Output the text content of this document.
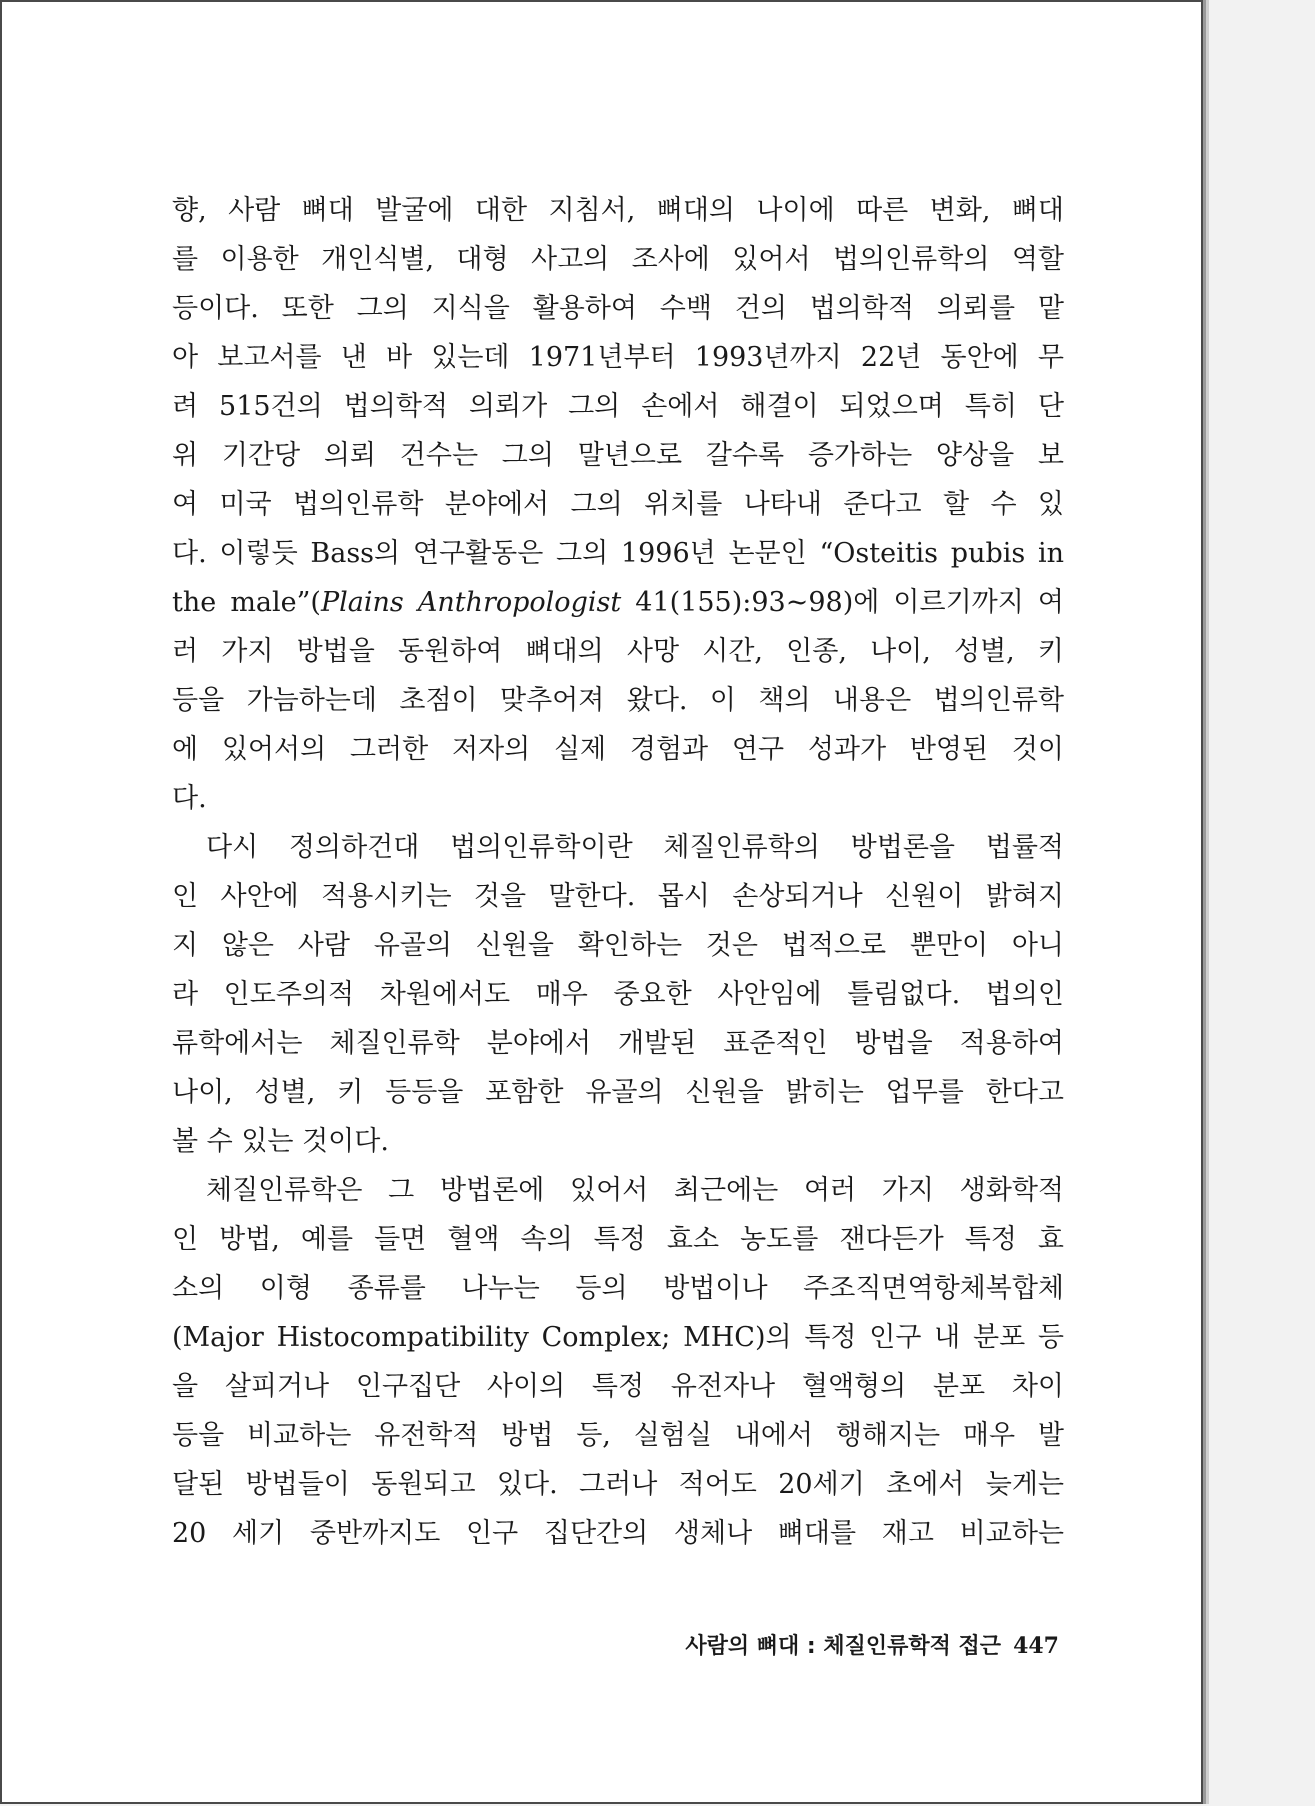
향, 사람 뼈대 발굴에 대한 지침서, 뼈대의 나이에 따른 변화, 뼈대
를 이용한 개인식별, 대형 사고의 조사에 있어서 법의인류학의 역할
등이다. 또한 그의 지식을 활용하여 수백 건의 법의학적 의뢰를 맡
아 보고서를 낸 바 있는데 1971년부터 1993년까지 22년 동안에 무
려 515건의 법의학적 의뢰가 그의 손에서 해결이 되었으며 특히 단
위 기간당 의뢰 건수는 그의 말년으로 갈수록 증가하는 양상을 보
여 미국 법의인류학 분야에서 그의 위치를 나타내 준다고 할 수 있
다. 이렇듯 Bass의 연구활동은 그의 1996년 논문인 “Osteitis pubis in
the male”(Plains Anthropologist 41(155):93~98)에 이르기까지 여
러 가지 방법을 동원하여 뼈대의 사망 시간, 인종, 나이, 성별, 키
등을 가늠하는데 초점이 맞추어져 왔다. 이 책의 내용은 법의인류학
에 있어서의 그러한 저자의 실제 경험과 연구 성과가 반영된 것이
다.
다시 정의하건대 법의인류학이란 체질인류학의 방법론을 법률적
인 사안에 적용시키는 것을 말한다. 몹시 손상되거나 신원이 밝혀지
지 않은 사람 유골의 신원을 확인하는 것은 법적으로 뿐만이 아니
라 인도주의적 차원에서도 매우 중요한 사안임에 틀림없다. 법의인
류학에서는 체질인류학 분야에서 개발된 표준적인 방법을 적용하여
나이, 성별, 키 등등을 포함한 유골의 신원을 밝히는 업무를 한다고
볼 수 있는 것이다.
체질인류학은 그 방법론에 있어서 최근에는 여러 가지 생화학적
인 방법, 예를 들면 혈액 속의 특정 효소 농도를 잰다든가 특정 효
소의 이형 종류를 나누는 등의 방법이나 주조직면역항체복합체
(Major Histocompatibility Complex; MHC)의 특정 인구 내 분포 등
을 살피거나 인구집단 사이의 특정 유전자나 혈액형의 분포 차이
등을 비교하는 유전학적 방법 등, 실험실 내에서 행해지는 매우 발
달된 방법들이 동원되고 있다. 그러나 적어도 20세기 초에서 늦게는
20 세기 중반까지도 인구 집단간의 생체나 뼈대를 재고 비교하는
사람의 뼈대 : 체질인류학적 접근 447
